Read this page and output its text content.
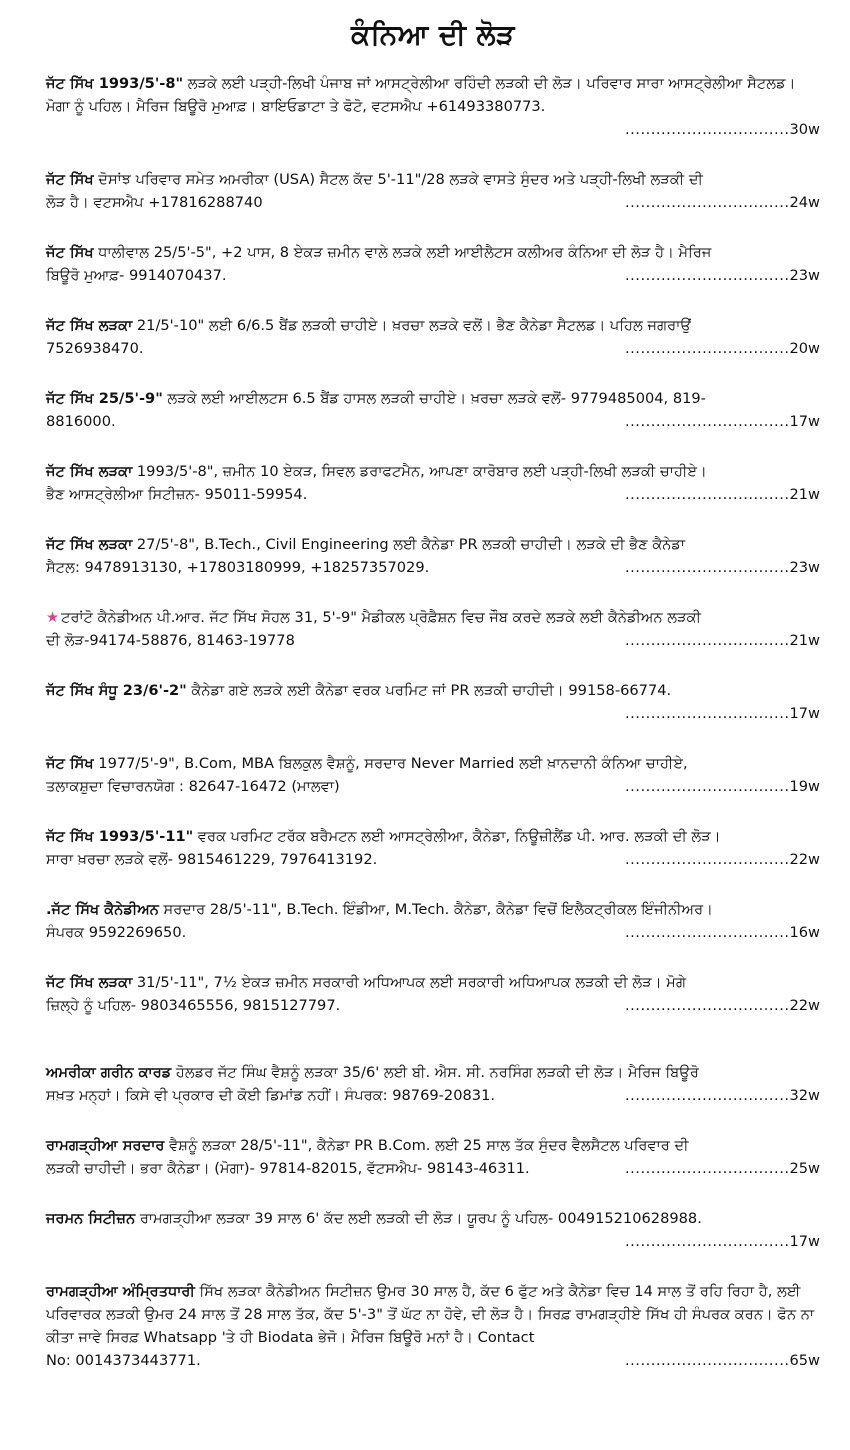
ਕੰਨਿਆ ਦੀ ਲੋੜ
ਜੱਟ ਸਿੱਖ 1993/5'-8" ਲੜਕੇ ਲਈ ਪੜ੍ਹੀ-ਲਿਖੀ ਪੰਜਾਬ ਜਾਂ ਆਸਟ੍ਰੇਲੀਆ ਰਹਿੰਦੀ ਲੜਕੀ ਦੀ ਲੋੜ। ਪਰਿਵਾਰ ਸਾਰਾ ਆਸਟ੍ਰੇਲੀਆ ਸੈਟਲਡ। ਮੋਗਾ ਨੂੰ ਪਹਿਲ। ਮੈਰਿਜ ਬਿਊਰੋ ਮੁਆਫ਼। ਬਾਇਓਡਾਟਾ ਤੇ ਫੋਟੋ, ਵਟਸਐਪ +61493380773.
..... 30w
ਜੱਟ ਸਿੱਖ ਦੋਸਾਂਝ ਪਰਿਵਾਰ ਸਮੇਤ ਅਮਰੀਕਾ (USA) ਸੈਟਲ ਕੱਦ 5'-11"/28 ਲੜਕੇ ਵਾਸਤੇ ਸੁੰਦਰ ਅਤੇ ਪੜ੍ਹੀ-ਲਿਖੀ ਲੜਕੀ ਦੀ
ਲੋੜ ਹੈ। ਵਟਸਐਪ +17816288740	..... 24w
ਜੱਟ ਸਿੱਖ ਧਾਲੀਵਾਲ 25/5'-5", +2 ਪਾਸ, 8 ਏਕੜ ਜ਼ਮੀਨ ਵਾਲੇ ਲੜਕੇ ਲਈ ਆਈਲੈਟਸ ਕਲੀਅਰ ਕੰਨਿਆ ਦੀ ਲੋੜ ਹੈ। ਮੈਰਿਜ
ਬਿਊਰੋ ਮੁਆਫ਼- 9914070437.	..... 23w
ਜੱਟ ਸਿੱਖ ਲੜਕਾ 21/5'-10" ਲਈ 6/6.5 ਬੈਂਡ ਲੜਕੀ ਚਾਹੀਏ। ਖ਼ਰਚਾ ਲੜਕੇ ਵਲੋਂ। ਭੈਣ ਕੈਨੇਡਾ ਸੈਟਲਡ। ਪਹਿਲ ਜਗਰਾਉਂ
7526938470.	..... 20w
ਜੱਟ ਸਿੱਖ 25/5'-9" ਲੜਕੇ ਲਈ ਆਈਲਟਸ 6.5 ਬੈਂਡ ਹਾਸਲ ਲੜਕੀ ਚਾਹੀਏ। ਖ਼ਰਚਾ ਲੜਕੇ ਵਲੋਂ- 9779485004, 819-
8816000.	..... 17w
ਜੱਟ ਸਿੱਖ ਲੜਕਾ 1993/5'-8", ਜ਼ਮੀਨ 10 ਏਕੜ, ਸਿਵਲ ਡਰਾਫਟਮੈਨ, ਆਪਣਾ ਕਾਰੋਬਾਰ ਲਈ ਪੜ੍ਹੀ-ਲਿਖੀ ਲੜਕੀ ਚਾਹੀਏ।
ਭੈਣ ਆਸਟ੍ਰੇਲੀਆ ਸਿਟੀਜ਼ਨ- 95011-59954.	..... 21w
ਜੱਟ ਸਿੱਖ ਲੜਕਾ 27/5'-8", B.Tech., Civil Engineering ਲਈ ਕੈਨੇਡਾ PR ਲੜਕੀ ਚਾਹੀਦੀ। ਲੜਕੇ ਦੀ ਭੈਣ ਕੈਨੇਡਾ
ਸੈਟਲ: 9478913130, +17803180999, +18257357029.	..... 23w
★ ਟਰਾਂਟੋ ਕੈਨੇਡੀਅਨ ਪੀ.ਆਰ. ਜੱਟ ਸਿੱਖ ਸੋਹਲ 31, 5'-9" ਮੈਡੀਕਲ ਪ੍ਰੋਫ਼ੈਸ਼ਨ ਵਿਚ ਜੌਬ ਕਰਦੇ ਲੜਕੇ ਲਈ ਕੈਨੇਡੀਅਨ ਲੜਕੀ
ਦੀ ਲੋੜ-94174-58876, 81463-19778	..... 21w
ਜੱਟ ਸਿੱਖ ਸੰਧੂ 23/6'-2" ਕੈਨੇਡਾ ਗਏ ਲੜਕੇ ਲਈ ਕੈਨੇਡਾ ਵਰਕ ਪਰਮਿਟ ਜਾਂ PR ਲੜਕੀ ਚਾਹੀਦੀ। 99158-66774.
..... 17w
ਜੱਟ ਸਿੱਖ 1977/5'-9", B.Com, MBA ਬਿਲਕੁਲ ਵੈਸ਼ਨੂੰ, ਸਰਦਾਰ Never Married ਲਈ ਖ਼ਾਨਦਾਨੀ ਕੰਨਿਆ ਚਾਹੀਏ,
ਤਲਾਕਸ਼ੁਦਾ ਵਿਚਾਰਨਯੋਗ : 82647-16472 (ਮਾਲਵਾ)	..... 19w
ਜੱਟ ਸਿੱਖ 1993/5'-11" ਵਰਕ ਪਰਮਿਟ ਟਰੱਕ ਬਰੈਮਟਨ ਲਈ ਆਸਟ੍ਰੇਲੀਆ, ਕੈਨੇਡਾ, ਨਿਊਜ਼ੀਲੈਂਡ ਪੀ. ਆਰ. ਲੜਕੀ ਦੀ ਲੋੜ।
ਸਾਰਾ ਖ਼ਰਚਾ ਲੜਕੇ ਵਲੋਂ- 9815461229, 7976413192.	..... 22w
.ਜੱਟ ਸਿੱਖ ਕੈਨੇਡੀਅਨ ਸਰਦਾਰ 28/5'-11", B.Tech. ਇੰਡੀਆ, M.Tech. ਕੈਨੇਡਾ, ਕੈਨੇਡਾ ਵਿਚੋਂ ਇਲੈਕਟ੍ਰੀਕਲ ਇੰਜੀਨੀਅਰ।
ਸੰਪਰਕ 9592269650.	..... 16w
ਜੱਟ ਸਿੱਖ ਲੜਕਾ 31/5'-11", 7½ ਏਕੜ ਜ਼ਮੀਨ ਸਰਕਾਰੀ ਅਧਿਆਪਕ ਲਈ ਸਰਕਾਰੀ ਅਧਿਆਪਕ ਲੜਕੀ ਦੀ ਲੋੜ। ਮੋਗੇ
ਜ਼ਿਲ੍ਹੇ ਨੂੰ ਪਹਿਲ- 9803465556, 9815127797.	..... 22w
ਅਮਰੀਕਾ ਗਰੀਨ ਕਾਰਡ ਹੋਲਡਰ ਜੱਟ ਸਿੰਘ ਵੈਸ਼ਨੂੰ ਲੜਕਾ 35/6' ਲਈ ਬੀ. ਐਸ. ਸੀ. ਨਰਸਿੰਗ ਲੜਕੀ ਦੀ ਲੋੜ। ਮੈਰਿਜ ਬਿਊਰੋ
ਸਖ਼ਤ ਮਨ੍ਹਾਂ। ਕਿਸੇ ਵੀ ਪ੍ਰਕਾਰ ਦੀ ਕੋਈ ਡਿਮਾਂਡ ਨਹੀਂ। ਸੰਪਰਕ: 98769-20831.	..... 32w
ਰਾਮਗੜ੍ਹੀਆ ਸਰਦਾਰ ਵੈਸ਼ਨੂੰ ਲੜਕਾ 28/5'-11", ਕੈਨੇਡਾ PR B.Com. ਲਈ 25 ਸਾਲ ਤੱਕ ਸੁੰਦਰ ਵੈਲਸੈਟਲ ਪਰਿਵਾਰ ਦੀ
ਲੜਕੀ ਚਾਹੀਦੀ। ਭਰਾ ਕੈਨੇਡਾ। (ਮੋਗਾ)- 97814-82015, ਵੱਟਸਐਪ- 98143-46311.	..... 25w
ਜਰਮਨ ਸਿਟੀਜ਼ਨ ਰਾਮਗੜ੍ਹੀਆ ਲੜਕਾ 39 ਸਾਲ 6' ਕੱਦ ਲਈ ਲੜਕੀ ਦੀ ਲੋੜ। ਯੂਰਪ ਨੂੰ ਪਹਿਲ- 004915210628988.
..... 17w
ਰਾਮਗੜ੍ਹੀਆ ਅੰਮ੍ਰਿਤਧਾਰੀ ਸਿੱਖ ਲੜਕਾ ਕੈਨੇਡੀਅਨ ਸਿਟੀਜ਼ਨ ਉਮਰ 30 ਸਾਲ ਹੈ, ਕੱਦ 6 ਫੁੱਟ ਅਤੇ ਕੈਨੇਡਾ ਵਿਚ 14 ਸਾਲ ਤੋਂ ਰਹਿ ਰਿਹਾ ਹੈ, ਲਈ ਪਰਿਵਾਰਕ ਲੜਕੀ ਉਮਰ 24 ਸਾਲ ਤੋਂ 28 ਸਾਲ ਤੱਕ, ਕੱਦ 5'-3" ਤੋਂ ਘੱਟ ਨਾ ਹੋਵੇ, ਦੀ ਲੋੜ ਹੈ। ਸਿਰਫ਼ ਰਾਮਗੜ੍ਹੀਏ ਸਿੱਖ ਹੀ ਸੰਪਰਕ ਕਰਨ। ਫੋਨ ਨਾ ਕੀਤਾ ਜਾਵੇ ਸਿਰਫ਼ Whatsapp 'ਤੇ ਹੀ Biodata ਭੇਜੋ। ਮੈਰਿਜ ਬਿਊਰੋ ਮਨਾਂ ਹੈ। Contact
No: 0014373443771.	..... 65w
